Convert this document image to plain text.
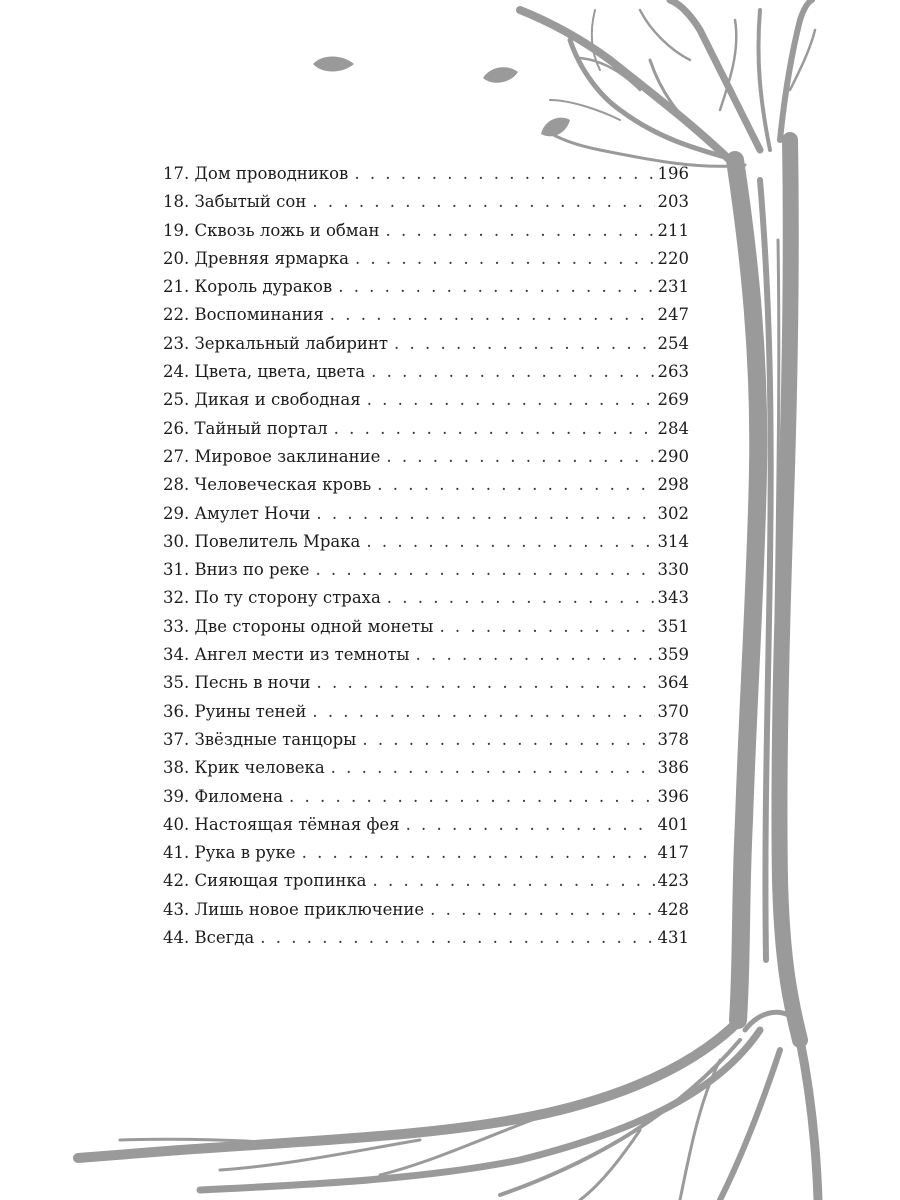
17. Дом проводников . . .	196
18. Забытый сон . . .	203
19. Сквозь ложь и обман . . .	211
20. Древняя ярмарка . . .	220
21. Король дураков . . .	231
22. Воспоминания . . .	247
23. Зеркальный лабиринт . . .	254
24. Цвета, цвета, цвета . . .	263
25. Дикая и свободная . . .	269
26. Тайный портал . . .	284
27. Мировое заклинание . . .	290
28. Человеческая кровь . . .	298
29. Амулет Ночи . . .	302
30. Повелитель Мрака . . .	314
31. Вниз по реке . . .	330
32. По ту сторону страха . . .	343
33. Две стороны одной монеты . . .	351
34. Ангел мести из темноты . . .	359
35. Песнь в ночи . . .	364
36. Руины теней . . .	370
37. Звёздные танцоры . . .	378
38. Крик человека . . .	386
39. Филомена . . .	396
40. Настоящая тёмная фея . . .	401
41. Рука в руке . . .	417
42. Сияющая тропинка . . .	423
43. Лишь новое приключение . . .	428
44. Всегда . . .	431
